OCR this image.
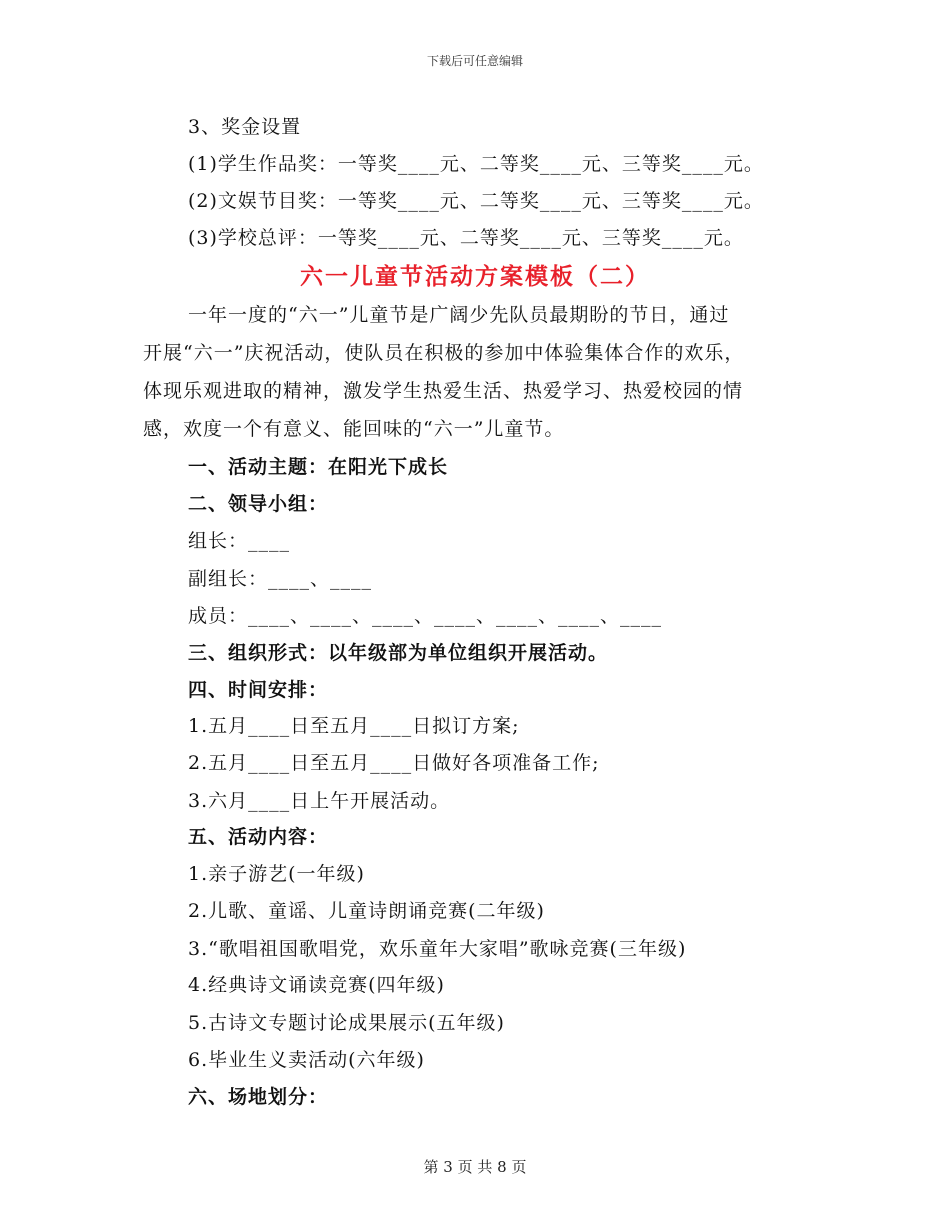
下载后可任意编辑
3、奖金设置
(1)学生作品奖：一等奖____元、二等奖____元、三等奖____元。
(2)文娱节目奖：一等奖____元、二等奖____元、三等奖____元。
(3)学校总评：一等奖____元、二等奖____元、三等奖____元。
六一儿童节活动方案模板（二）
一年一度的“六一”儿童节是广阔少先队员最期盼的节日，通过
开展“六一”庆祝活动，使队员在积极的参加中体验集体合作的欢乐，
体现乐观进取的精神，激发学生热爱生活、热爱学习、热爱校园的情
感，欢度一个有意义、能回味的“六一”儿童节。
一、活动主题：在阳光下成长
二、领导小组：
组长：____
副组长：____、____
成员：____、____、____、____、____、____、____
三、组织形式：以年级部为单位组织开展活动。
四、时间安排：
1.五月____日至五月____日拟订方案;
2.五月____日至五月____日做好各项准备工作;
3.六月____日上午开展活动。
五、活动内容：
1.亲子游艺(一年级)
2.儿歌、童谣、儿童诗朗诵竞赛(二年级)
3.“歌唱祖国歌唱党，欢乐童年大家唱”歌咏竞赛(三年级)
4.经典诗文诵读竞赛(四年级)
5.古诗文专题讨论成果展示(五年级)
6.毕业生义卖活动(六年级)
六、场地划分：
第 3 页 共 8 页
